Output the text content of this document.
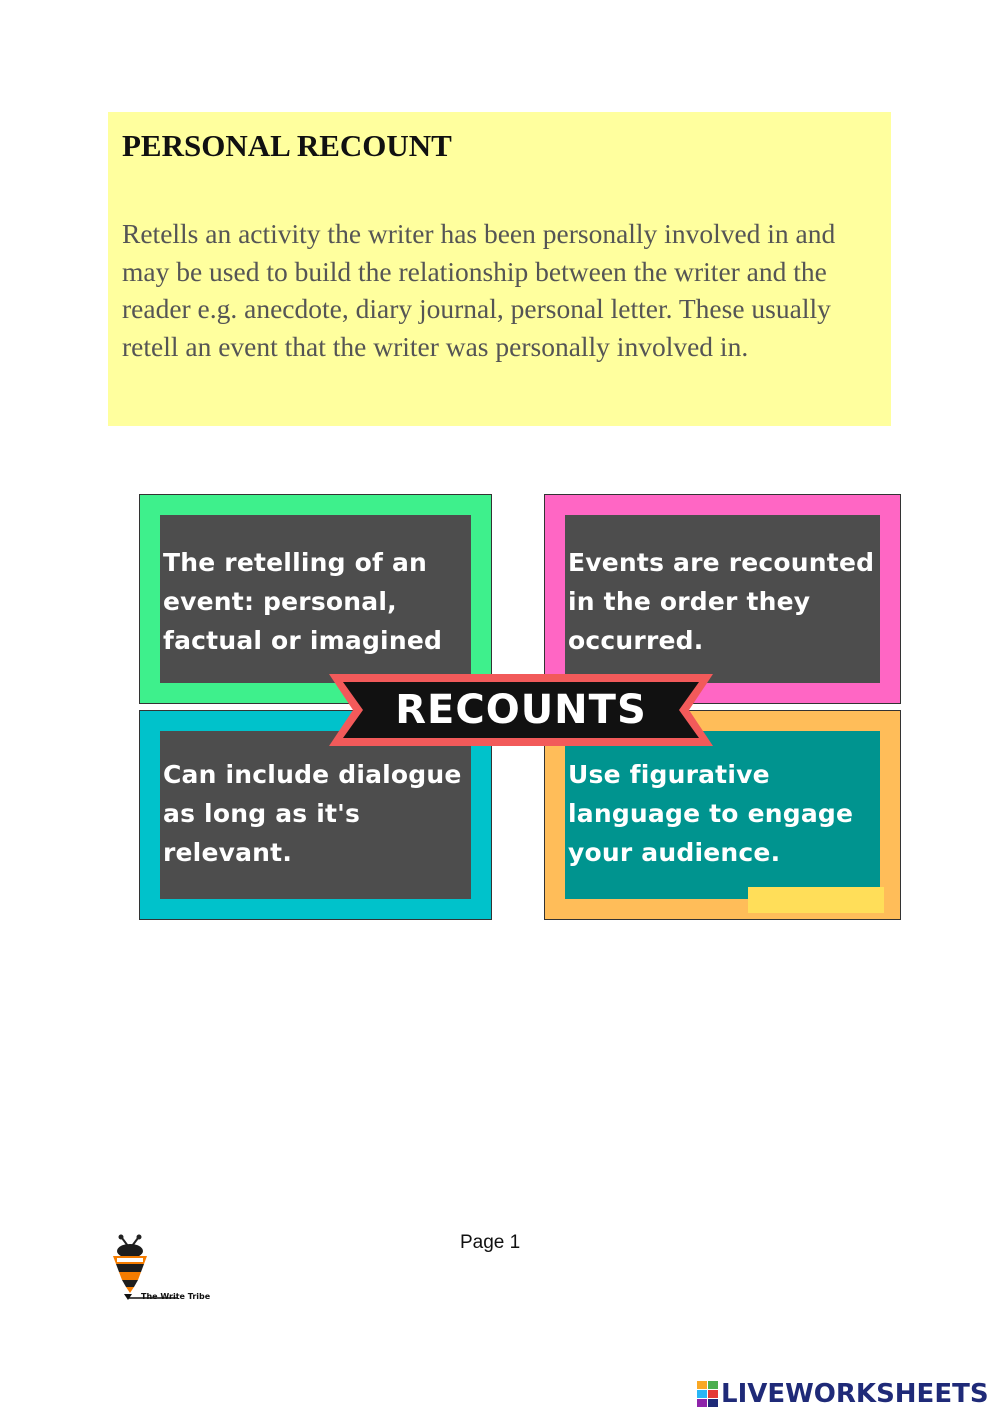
PERSONAL RECOUNT

Retells an activity the writer has been personally involved in and may be used to build the relationship between the writer and the reader e.g. anecdote, diary journal, personal letter. These usually retell an event that the writer was personally involved in.

The retelling of an event: personal, factual or imagined

Events are recounted in the order they occurred.

Can include dialogue as long as it's relevant.

Use figurative language to engage your audience.

RECOUNTS
The Write Tribe
Page 1
LIVEWORKSHEETS
